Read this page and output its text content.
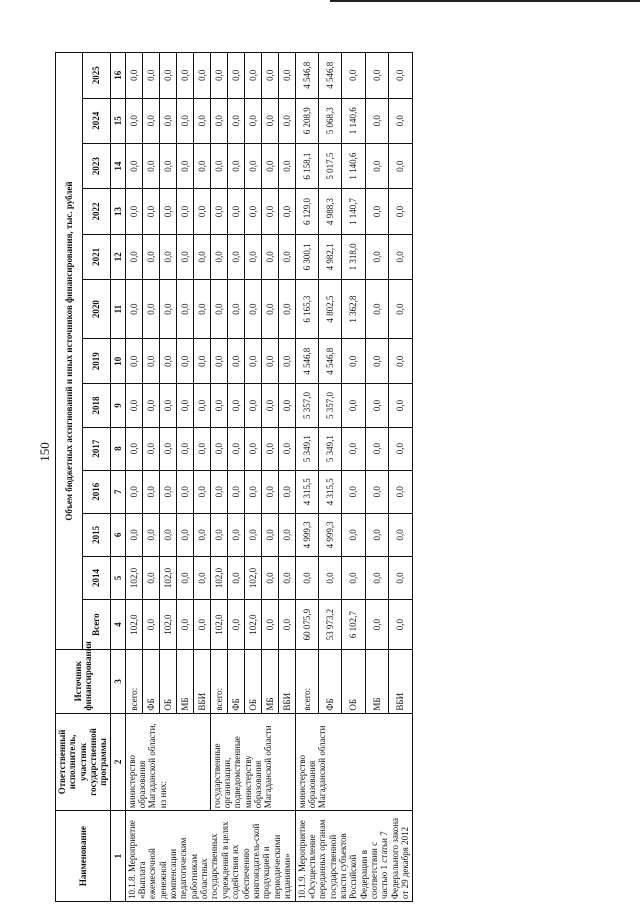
150
Наименование	Ответственный исполнитель, участник государственной программы	Источник финансирования	Объем бюджетных ассигнований и иных источников финансирования, тыс. рублей												
			Всего	2014	2015	2016	2017	2018	2019	2020	2021	2022	2023	2024	2025
1	2	3	4	5	6	7	8	9	10	11	12	13	14	15	16
10.1.8. Мероприятие «Выплата ежемесячной денежной компенсации педагогическим работникам областных государственных учреждений в целях содействия их обеспечению книгоиздатель-ской продукцией и периодическими изданиями»	министерство образования Магаданской области, из них:	всего:	102,0	102,0	0,0	0,0	0,0	0,0	0,0	0,0	0,0	0,0	0,0	0,0	0,0
		ФБ	0,0	0,0	0,0	0,0	0,0	0,0	0,0	0,0	0,0	0,0	0,0	0,0	0,0
		ОБ	102,0	102,0	0,0	0,0	0,0	0,0	0,0	0,0	0,0	0,0	0,0	0,0	0,0
		МБ	0,0	0,0	0,0	0,0	0,0	0,0	0,0	0,0	0,0	0,0	0,0	0,0	0,0
		ВБИ	0,0	0,0	0,0	0,0	0,0	0,0	0,0	0,0	0,0	0,0	0,0	0,0	0,0
	государственные организации, подведомственные министерству образования Магаданской области	всего:	102,0	102,0	0,0	0,0	0,0	0,0	0,0	0,0	0,0	0,0	0,0	0,0	0,0
		ФБ	0,0	0,0	0,0	0,0	0,0	0,0	0,0	0,0	0,0	0,0	0,0	0,0	0,0
		ОБ	102,0	102,0	0,0	0,0	0,0	0,0	0,0	0,0	0,0	0,0	0,0	0,0	0,0
		МБ	0,0	0,0	0,0	0,0	0,0	0,0	0,0	0,0	0,0	0,0	0,0	0,0	0,0
		ВБИ	0,0	0,0	0,0	0,0	0,0	0,0	0,0	0,0	0,0	0,0	0,0	0,0	0,0
10.1.9. Мероприятие «Осуществление переданных органам государственной власти субъектов Российской Федерации в соответствии с частью 1 статьи 7 Федерального закона от 29 декабря 2012	министерство образования Магаданской области	всего:	60 075,9	0,0	4 999,3	4 315,5	5 349,1	5 357,0	4 546,8	6 165,3	6 300,1	6 129,0	6 158,1	6 208,9	4 546,8
		ФБ	53 973,2	0,0	4 999,3	4 315,5	5 349,1	5 357,0	4 546,8	4 802,5	4 982,1	4 988,3	5 017,5	5 068,3	4 546,8
		ОБ	6 102,7	0,0	0,0	0,0	0,0	0,0	0,0	1 362,8	1 318,0	1 140,7	1 140,6	1 140,6	0,0
		МБ	0,0	0,0	0,0	0,0	0,0	0,0	0,0	0,0	0,0	0,0	0,0	0,0	0,0
		ВБИ	0,0	0,0	0,0	0,0	0,0	0,0	0,0	0,0	0,0	0,0	0,0	0,0	0,0
